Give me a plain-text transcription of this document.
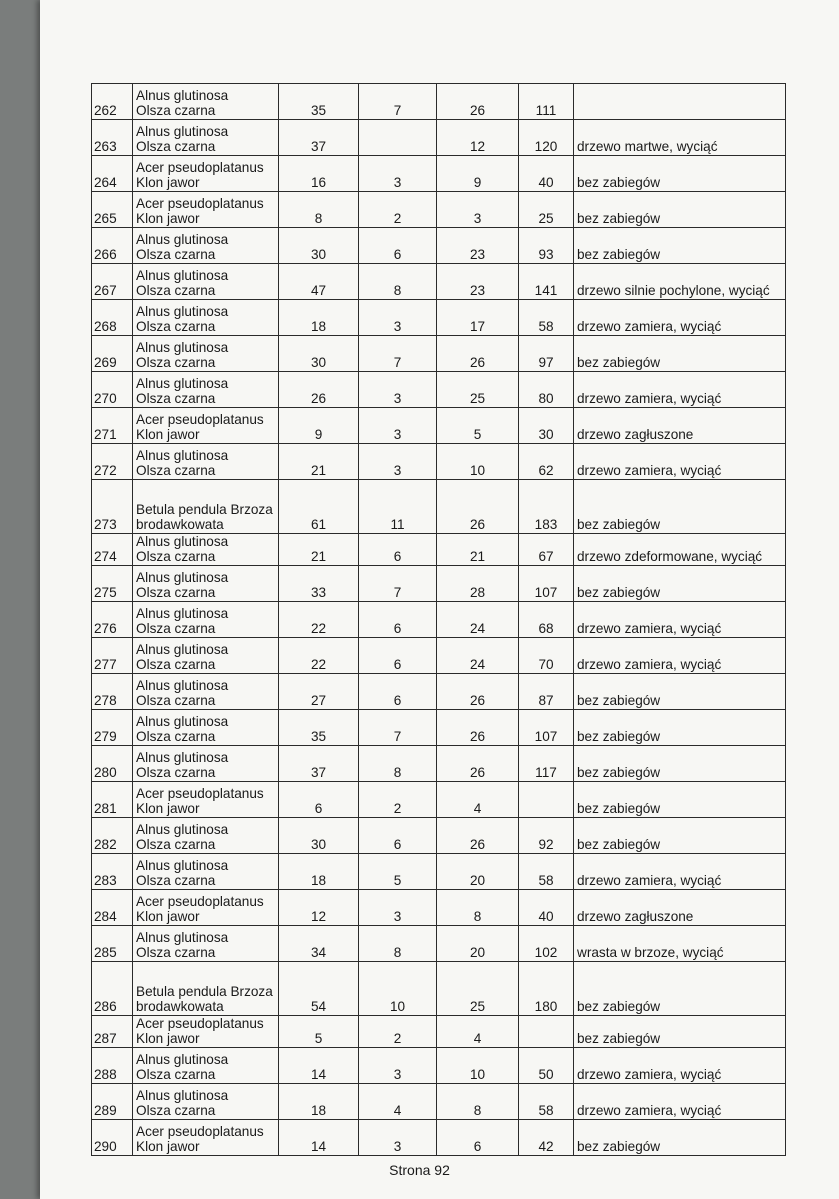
262	Alnus glutinosa
Olsza czarna	35	7	26	111	
263	Alnus glutinosa
Olsza czarna	37		12	120	drzewo martwe, wyciąć
264	Acer pseudoplatanus
Klon jawor	16	3	9	40	bez zabiegów
265	Acer pseudoplatanus
Klon jawor	8	2	3	25	bez zabiegów
266	Alnus glutinosa
Olsza czarna	30	6	23	93	bez zabiegów
267	Alnus glutinosa
Olsza czarna	47	8	23	141	drzewo silnie pochylone, wyciąć
268	Alnus glutinosa
Olsza czarna	18	3	17	58	drzewo zamiera, wyciąć
269	Alnus glutinosa
Olsza czarna	30	7	26	97	bez zabiegów
270	Alnus glutinosa
Olsza czarna	26	3	25	80	drzewo zamiera, wyciąć
271	Acer pseudoplatanus
Klon jawor	9	3	5	30	drzewo zagłuszone
272	Alnus glutinosa
Olsza czarna	21	3	10	62	drzewo zamiera, wyciąć
273	Betula pendula Brzoza
brodawkowata	61	11	26	183	bez zabiegów
274	Alnus glutinosa
Olsza czarna	21	6	21	67	drzewo zdeformowane, wyciąć
275	Alnus glutinosa
Olsza czarna	33	7	28	107	bez zabiegów
276	Alnus glutinosa
Olsza czarna	22	6	24	68	drzewo zamiera, wyciąć
277	Alnus glutinosa
Olsza czarna	22	6	24	70	drzewo zamiera, wyciąć
278	Alnus glutinosa
Olsza czarna	27	6	26	87	bez zabiegów
279	Alnus glutinosa
Olsza czarna	35	7	26	107	bez zabiegów
280	Alnus glutinosa
Olsza czarna	37	8	26	117	bez zabiegów
281	Acer pseudoplatanus
Klon jawor	6	2	4		bez zabiegów
282	Alnus glutinosa
Olsza czarna	30	6	26	92	bez zabiegów
283	Alnus glutinosa
Olsza czarna	18	5	20	58	drzewo zamiera, wyciąć
284	Acer pseudoplatanus
Klon jawor	12	3	8	40	drzewo zagłuszone
285	Alnus glutinosa
Olsza czarna	34	8	20	102	wrasta w brzoze, wyciąć
286	Betula pendula Brzoza
brodawkowata	54	10	25	180	bez zabiegów
287	Acer pseudoplatanus
Klon jawor	5	2	4		bez zabiegów
288	Alnus glutinosa
Olsza czarna	14	3	10	50	drzewo zamiera, wyciąć
289	Alnus glutinosa
Olsza czarna	18	4	8	58	drzewo zamiera, wyciąć
290	Acer pseudoplatanus
Klon jawor	14	3	6	42	bez zabiegów
Strona 92
